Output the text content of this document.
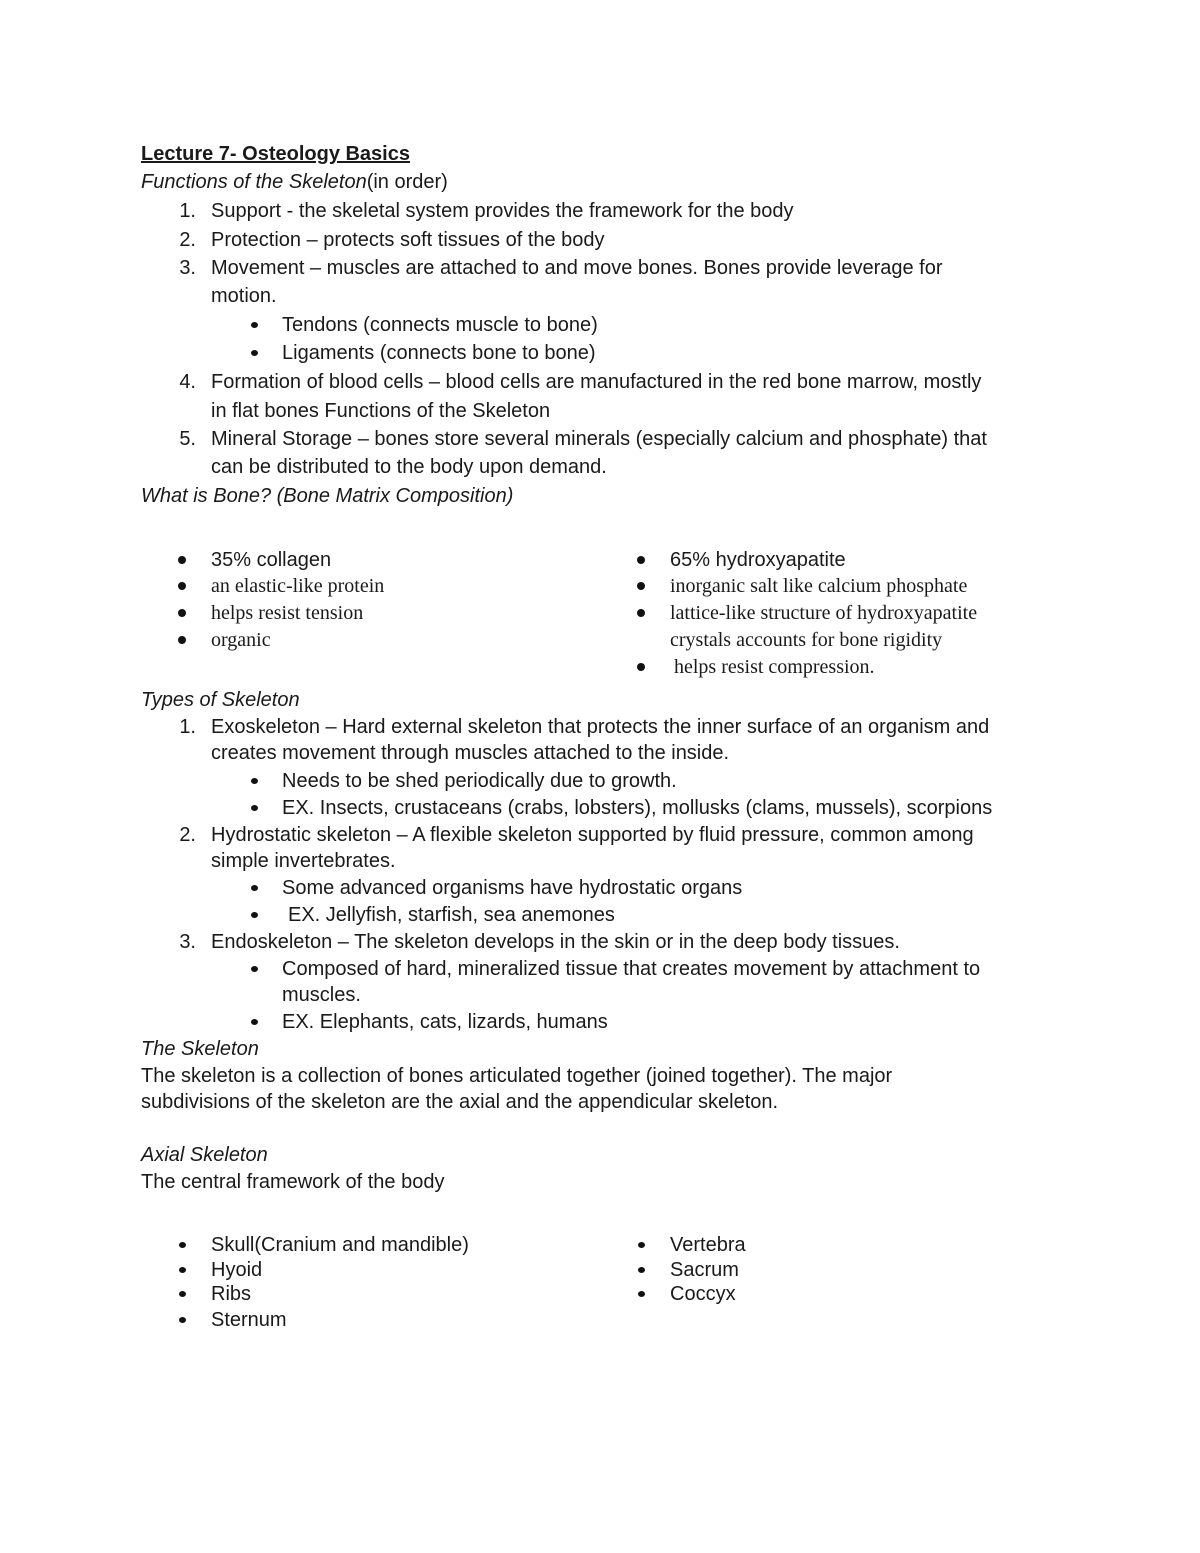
Lecture 7- Osteology Basics
Functions of the Skeleton(in order)
1. Support - the skeletal system provides the framework for the body
2. Protection – protects soft tissues of the body
3. Movement – muscles are attached to and move bones. Bones provide leverage for
motion.
Tendons (connects muscle to bone)
Ligaments (connects bone to bone)
4. Formation of blood cells – blood cells are manufactured in the red bone marrow, mostly
in flat bones Functions of the Skeleton
5. Mineral Storage – bones store several minerals (especially calcium and phosphate) that
can be distributed to the body upon demand.
What is Bone? (Bone Matrix Composition)
35% collagen
an elastic-like protein
helps resist tension
organic
65% hydroxyapatite
inorganic salt like calcium phosphate
lattice-like structure of hydroxyapatite
crystals accounts for bone rigidity
helps resist compression.
Types of Skeleton
1. Exoskeleton – Hard external skeleton that protects the inner surface of an organism and
creates movement through muscles attached to the inside.
Needs to be shed periodically due to growth.
EX. Insects, crustaceans (crabs, lobsters), mollusks (clams, mussels), scorpions
2. Hydrostatic skeleton – A flexible skeleton supported by fluid pressure, common among
simple invertebrates.
Some advanced organisms have hydrostatic organs
EX. Jellyfish, starfish, sea anemones
3. Endoskeleton – The skeleton develops in the skin or in the deep body tissues.
Composed of hard, mineralized tissue that creates movement by attachment to
muscles.
EX. Elephants, cats, lizards, humans
The Skeleton
The skeleton is a collection of bones articulated together (joined together). The major
subdivisions of the skeleton are the axial and the appendicular skeleton.
Axial Skeleton
The central framework of the body
Skull(Cranium and mandible)
Hyoid
Ribs
Sternum
Vertebra
Sacrum
Coccyx
